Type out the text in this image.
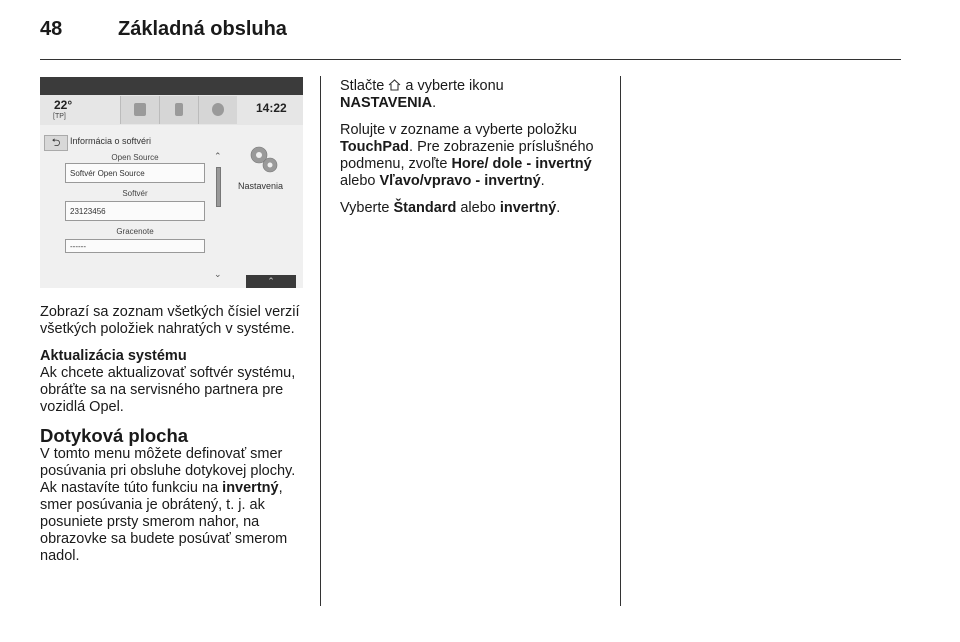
48	Základná obsluha
22°
[TP]
14:22
⮌	Informácia o softvéri
Open Source
Softvér Open Source
Softvér
23123456
Gracenote
------
⌃
⌄
Nastavenia
⌃

Zobrazí sa zoznam všetkých čísiel verzií všetkých položiek nahratých v systéme.

Aktualizácia systému

Ak chcete aktualizovať softvér systému, obráťte sa na servisného partnera pre vozidlá Opel.

Dotyková plocha

V tomto menu môžete definovať smer posúvania pri obsluhe dotykovej plochy. Ak nastavíte túto funkciu na invertný, smer posúvania je obrátený, t. j. ak posuniete prsty smerom nahor, na obrazovke sa budete posúvať smerom nadol.

Stlačte  a vyberte ikonu
NASTAVENIA.

Rolujte v zozname a vyberte položku TouchPad. Pre zobrazenie príslušného podmenu, zvoľte Hore/ dole - invertný alebo Vľavo/vpravo - invertný.

Vyberte Štandard alebo invertný.
